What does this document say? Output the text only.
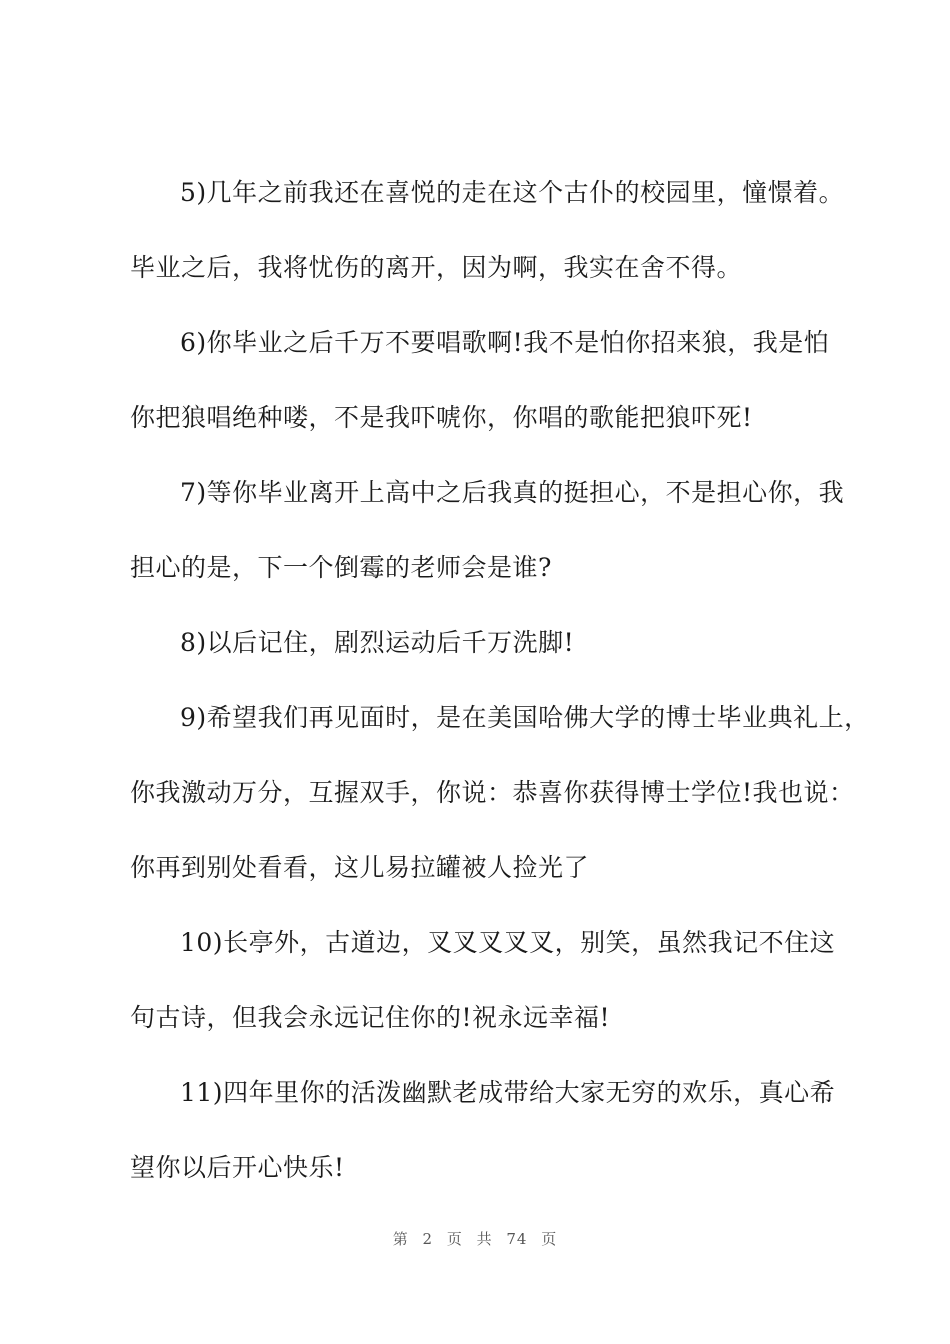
5)几年之前我还在喜悦的走在这个古仆的校园里，憧憬着。
毕业之后，我将忧伤的离开，因为啊，我实在舍不得。
6)你毕业之后千万不要唱歌啊!我不是怕你招来狼，我是怕
你把狼唱绝种喽，不是我吓唬你，你唱的歌能把狼吓死!
7)等你毕业离开上高中之后我真的挺担心，不是担心你，我
担心的是，下一个倒霉的老师会是谁?
8)以后记住，剧烈运动后千万洗脚!
9)希望我们再见面时，是在美国哈佛大学的博士毕业典礼上，
你我激动万分，互握双手，你说：恭喜你获得博士学位!我也说：
你再到别处看看，这儿易拉罐被人捡光了
10)长亭外，古道边，叉叉叉叉叉，别笑，虽然我记不住这
句古诗，但我会永远记住你的!祝永远幸福!
11)四年里你的活泼幽默老成带给大家无穷的欢乐，真心希
望你以后开心快乐!
第 2 页 共 74 页
